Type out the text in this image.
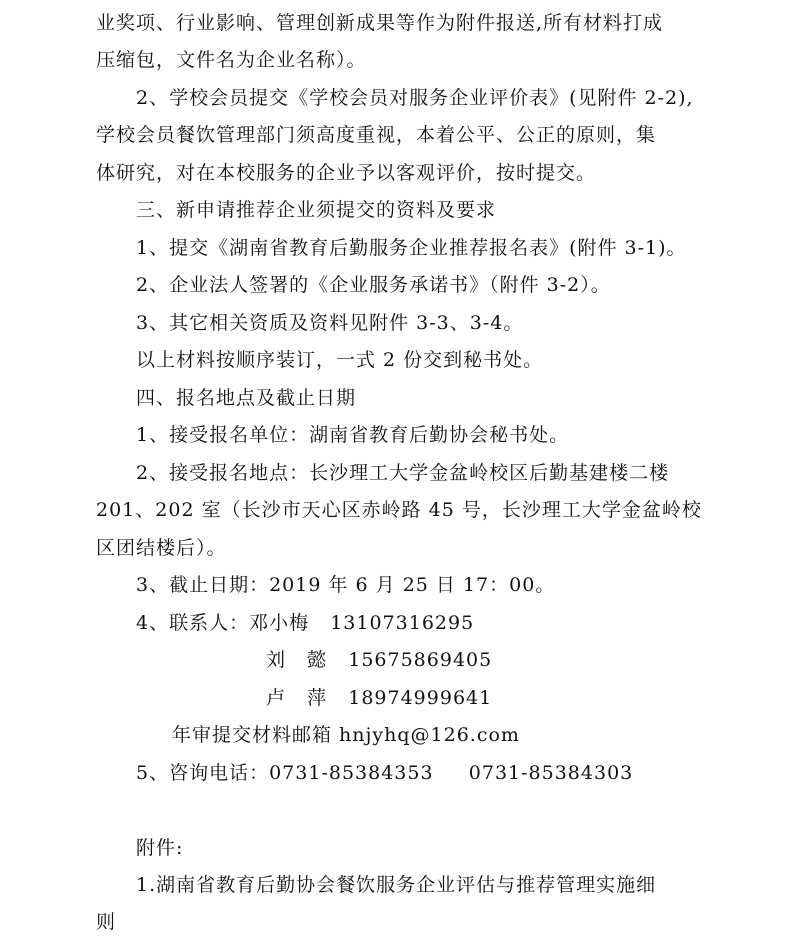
业奖项、行业影响、管理创新成果等作为附件报送,所有材料打成
压缩包，文件名为企业名称）。
2、学校会员提交《学校会员对服务企业评价表》(见附件 2-2),
学校会员餐饮管理部门须高度重视，本着公平、公正的原则，集
体研究，对在本校服务的企业予以客观评价，按时提交。
三、新申请推荐企业须提交的资料及要求
1、提交《湖南省教育后勤服务企业推荐报名表》(附件 3-1)。
2、企业法人签署的《企业服务承诺书》（附件 3-2）。
3、其它相关资质及资料见附件 3-3、3-4。
以上材料按顺序装订，一式 2 份交到秘书处。
四、报名地点及截止日期
1、接受报名单位：湖南省教育后勤协会秘书处。
2、接受报名地点：长沙理工大学金盆岭校区后勤基建楼二楼
201、202 室（长沙市天心区赤岭路 45 号，长沙理工大学金盆岭校
区团结楼后）。
3、截止日期：2019 年 6 月 25 日 17：00。
4、联系人：邓小梅   13107316295
刘   懿   15675869405
卢   萍   18974999641
年审提交材料邮箱 hnjyhq@126.com
5、咨询电话：0731-85384353     0731-85384303
附件:
1.湖南省教育后勤协会餐饮服务企业评估与推荐管理实施细
则
